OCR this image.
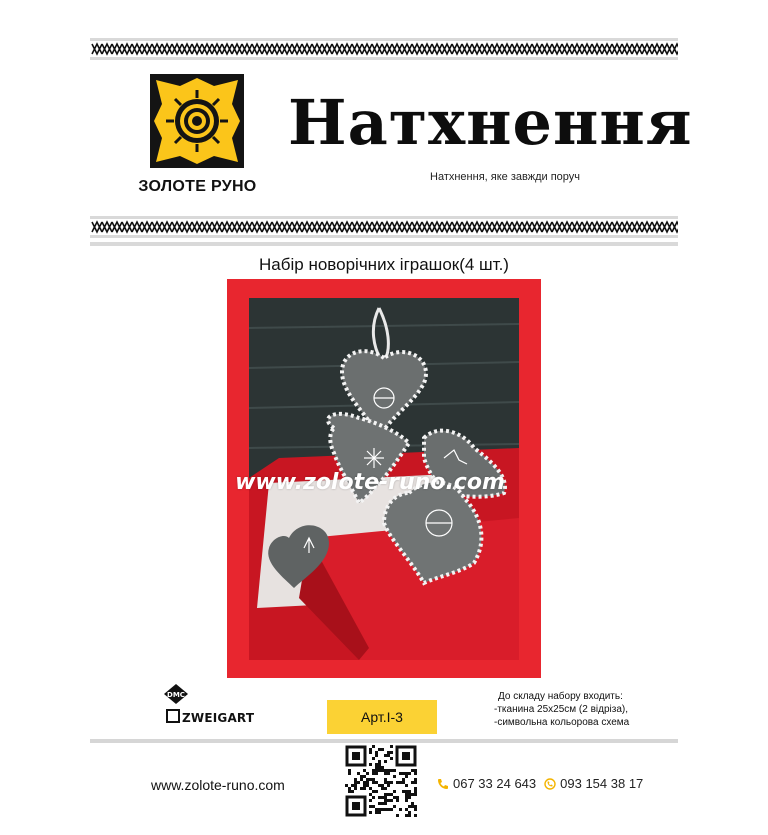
ЗОЛОТЕ РУНО
Натхнення
Натхнення, яке завжди поруч
Набір новорічних іграшок(4 шт.)
www.zolote-runo.com
DMC
ZWEIGART	Арт.І-3
До складу набору входить:
-тканина 25х25см (2 відріза),
-символьна кольорова схема
www.zolote-runo.com	067 33 24 643 093 154 38 17
